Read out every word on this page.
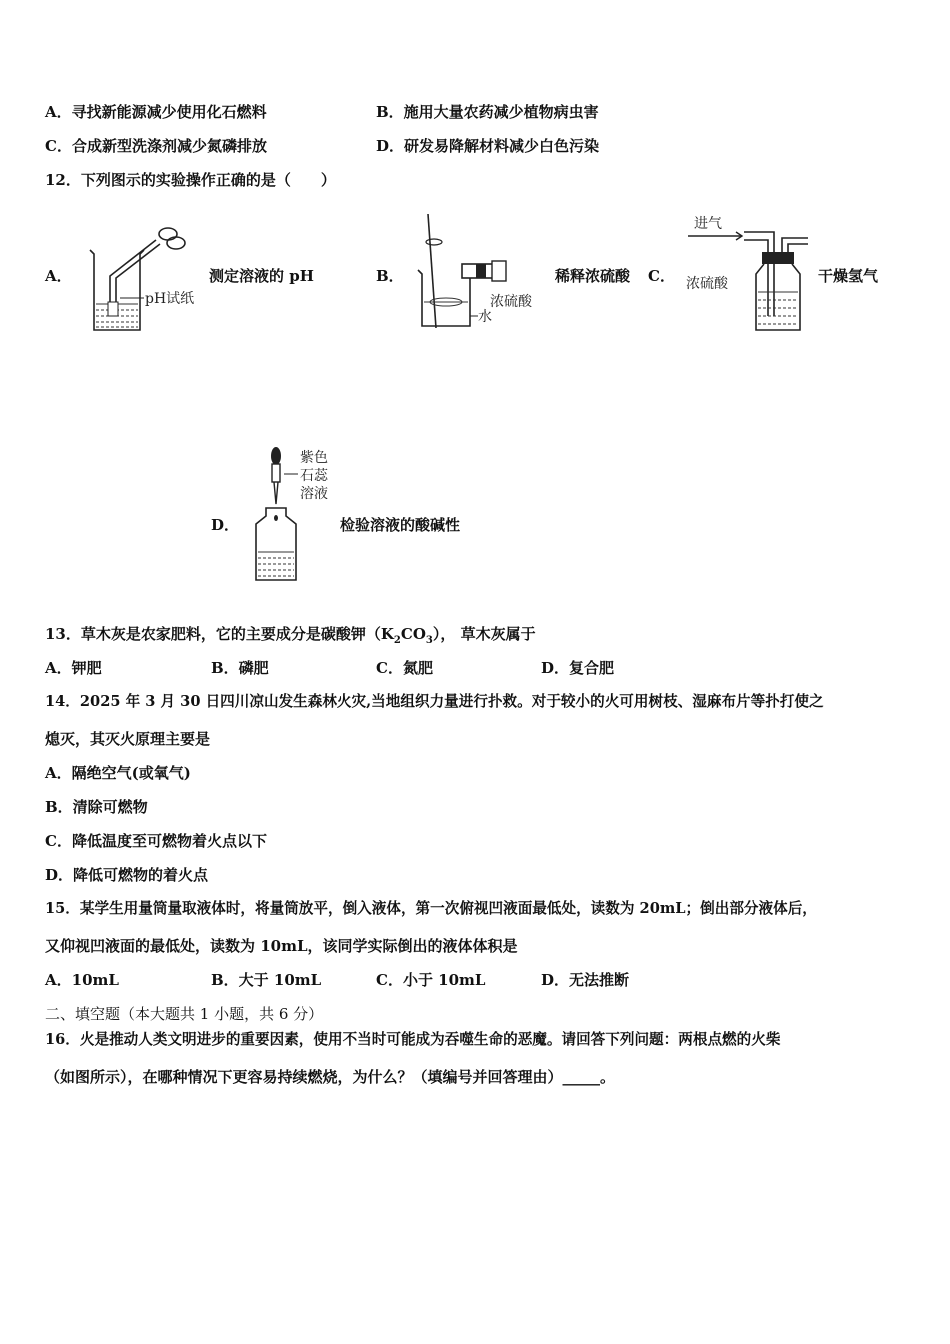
A．寻找新能源减少使用化石燃料	B．施用大量农药减少植物病虫害
C．合成新型洗涤剂减少氮磷排放	D．研发易降解材料减少白色污染
12．下列图示的实验操作正确的是（　　）
A．
pH试纸
测定溶液的 pH	B．
浓硫酸
水
稀释浓硫酸 C．
进气
浓硫酸	干燥氢气
D．
紫色
石蕊
溶液
检验溶液的酸碱性
13．草木灰是农家肥料，它的主要成分是碳酸钾$(K_2CO_3)$， 草木灰属于
A．钾肥	B．磷肥	C．氮肥	D．复合肥
14．2025 年 3 月 30 日四川凉山发生森林火灾,当地组织力量进行扑救。对于较小的火可用树枝、湿麻布片等扑打使之
熄灭，其灭火原理主要是
A．隔绝空气(或氧气)
B．清除可燃物
C．降低温度至可燃物着火点以下
D．降低可燃物的着火点
15．某学生用量筒量取液体时，将量筒放平，倒入液体，第一次俯视凹液面最低处，读数为 20mL；倒出部分液体后，
又仰视凹液面的最低处，读数为 10mL，该同学实际倒出的液体体积是
A．10mL	B．大于 10mL	C．小于 10mL	D．无法推断
二、填空题（本大题共 1 小题，共 6 分）
16．火是推动人类文明进步的重要因素，使用不当时可能成为吞噬生命的恶魔。请回答下列问题：两根点燃的火柴
（如图所示），在哪种情况下更容易持续燃烧，为什么？（填编号并回答理由）_____。
